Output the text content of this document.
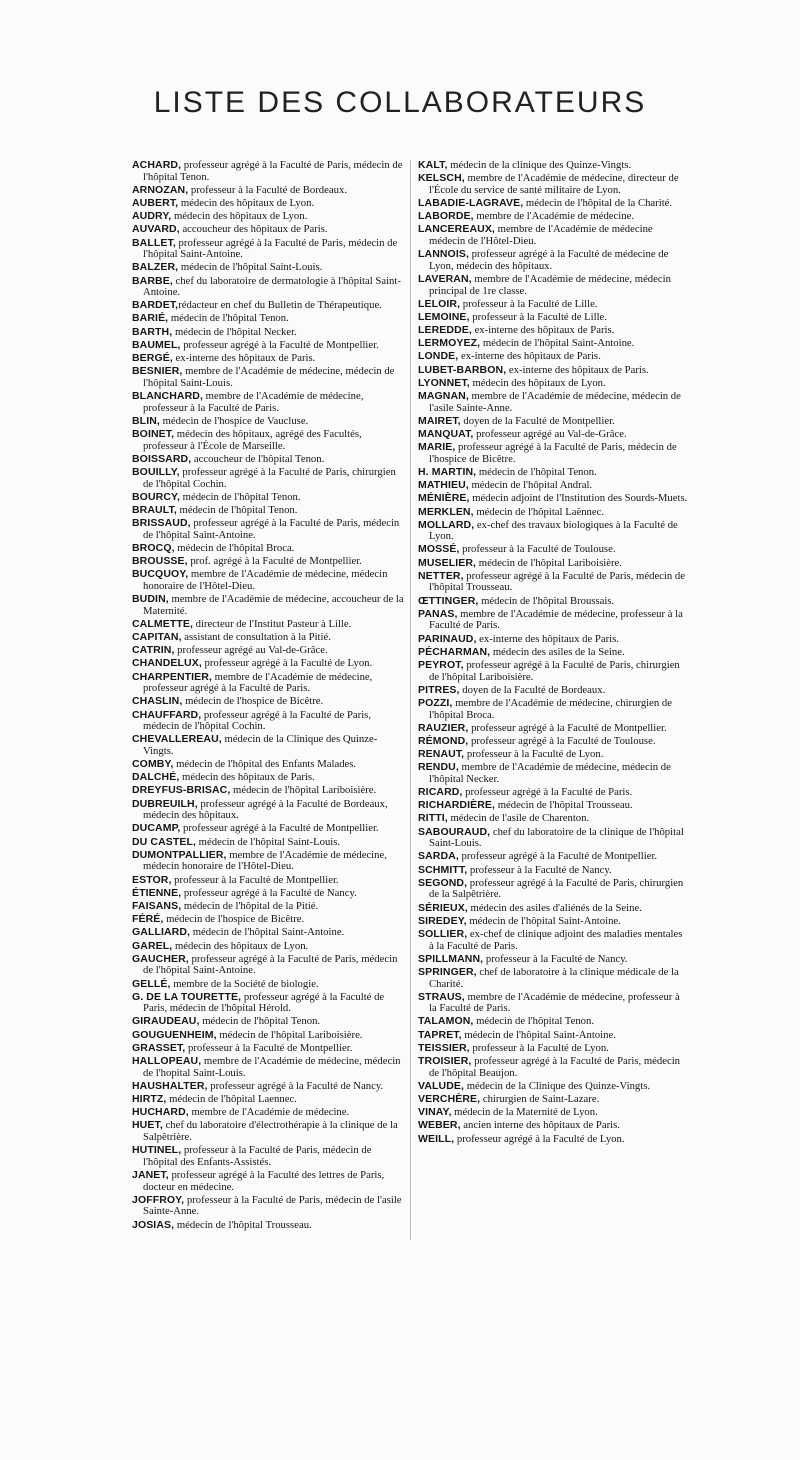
LISTE DES COLLABORATEURS
ACHARD, professeur agrégé à la Faculté de Paris, médecin de l'hôpital Tenon.
ARNOZAN, professeur à la Faculté de Bordeaux.
AUBERT, médecin des hôpitaux de Lyon.
AUDRY, médecin des hôpitaux de Lyon.
AUVARD, accoucheur des hôpitaux de Paris.
BALLET, professeur agrégé à la Faculté de Paris, médecin de l'hôpital Saint-Antoine.
BALZER, médecin de l'hôpital Saint-Louis.
BARBE, chef du laboratoire de dermatologie à l'hôpital Saint-Antoine.
BARDET,rédacteur en chef du Bulletin de Thérapeutique.
BARIÉ, médecin de l'hôpital Tenon.
BARTH, médecin de l'hôpital Necker.
BAUMEL, professeur agrégé à la Faculté de Montpellier.
BERGÉ, ex-interne des hôpitaux de Paris.
BESNIER, membre de l'Académie de médecine, médecin de l'hôpital Saint-Louis.
BLANCHARD, membre de l'Académie de médecine, professeur à la Faculté de Paris.
BLIN, médecin de l'hospice de Vaucluse.
BOINET, médecin des hôpitaux, agrégé des Facultés, professeur à l'École de Marseille.
BOISSARD, accoucheur de l'hôpital Tenon.
BOUILLY, professeur agrégé à la Faculté de Paris, chirurgien de l'hôpital Cochin.
BOURCY, médecin de l'hôpital Tenon.
BRAULT, médecin de l'hôpital Tenon.
BRISSAUD, professeur agrégé à la Faculté de Paris, médecin de l'hôpital Saint-Antoine.
BROCQ, médecin de l'hôpital Broca.
BROUSSE, prof. agrégé à la Faculté de Montpellier.
BUCQUOY, membre de l'Académie de médecine, médecin honoraire de l'Hôtel-Dieu.
BUDIN, membre de l'Académie de médecine, accoucheur de la Maternité.
CALMETTE, directeur de l'Institut Pasteur à Lille.
CAPITAN, assistant de consultation à la Pitié.
CATRIN, professeur agrégé au Val-de-Grâce.
CHANDELUX, professeur agrégé à la Faculté de Lyon.
CHARPENTIER, membre de l'Académie de médecine, professeur agrégé à la Faculté de Paris.
CHASLIN, médecin de l'hospice de Bicêtre.
CHAUFFARD, professeur agrégé à la Faculté de Paris, médecin de l'hôpital Cochin.
CHEVALLEREAU, médecin de la Clinique des Quinze-Vingts.
COMBY, médecin de l'hôpital des Enfants Malades.
DALCHÉ, médecin des hôpitaux de Paris.
DREYFUS-BRISAC, médecin de l'hôpital Lariboisière.
DUBREUILH, professeur agrégé à la Faculté de Bordeaux, médecin des hôpitaux.
DUCAMP, professeur agrégé à la Faculté de Montpellier.
DU CASTEL, médecin de l'hôpital Saint-Louis.
DUMONTPALLIER, membre de l'Académie de médecine, médecin honoraire de l'Hôtel-Dieu.
ESTOR, professeur à la Faculté de Montpellier.
ÉTIENNE, professeur agrégé à la Faculté de Nancy.
FAISANS, médecin de l'hôpital de la Pitié.
FÉRÉ, médecin de l'hospice de Bicêtre.
GALLIARD, médecin de l'hôpital Saint-Antoine.
GAREL, médecin des hôpitaux de Lyon.
GAUCHER, professeur agrégé à la Faculté de Paris, médecin de l'hôpital Saint-Antoine.
GELLÉ, membre de la Société de biologie.
G. DE LA TOURETTE, professeur agrégé à la Faculté de Paris, médecin de l'hôpital Hérold.
GIRAUDEAU, médecin de l'hôpital Tenon.
GOUGUENHEIM, médecin de l'hôpital Lariboisière.
GRASSET, professeur à la Faculté de Montpellier.
HALLOPEAU, membre de l'Académie de médecine, médecin de l'hopital Saint-Louis.
HAUSHALTER, professeur agrégé à la Faculté de Nancy.
HIRTZ, médecin de l'hôpital Laennec.
HUCHARD, membre de l'Académie de médecine.
HUET, chef du laboratoire d'électrothérapie à la clinique de la Salpêtrière.
HUTINEL, professeur à la Faculté de Paris, médecin de l'hôpital des Enfants-Assistés.
JANET, professeur agrégé à la Faculté des lettres de Paris, docteur en médecine.
JOFFROY, professeur à la Faculté de Paris, médecin de l'asile Sainte-Anne.
JOSIAS, médecin de l'hôpital Trousseau.
KALT, médecin de la clinique des Quinze-Vingts.
KELSCH, membre de l'Académie de médecine, directeur de l'École du service de santé militaire de Lyon.
LABADIE-LAGRAVE, médecin de l'hôpital de la Charité.
LABORDE, membre de l'Académie de médecine.
LANCEREAUX, membre de l'Académie de médecine médecin de l'Hôtel-Dieu.
LANNOIS, professeur agrégé à la Faculté de médecine de Lyon, médecin des hôpitaux.
LAVERAN, membre de l'Académie de médecine, médecin principal de 1re classe.
LELOIR, professeur à la Faculté de Lille.
LEMOINE, professeur à la Faculté de Lille.
LEREDDE, ex-interne des hôpitaux de Paris.
LERMOYEZ, médecin de l'hôpital Saint-Antoine.
LONDE, ex-interne des hôpitaux de Paris.
LUBET-BARBON, ex-interne des hôpitaux de Paris.
LYONNET, médecin des hôpitaux de Lyon.
MAGNAN, membre de l'Académie de médecine, médecin de l'asile Sainte-Anne.
MAIRET, doyen de la Faculté de Montpellier.
MANQUAT, professeur agrégé au Val-de-Grâce.
MARIE, professeur agrégé à la Faculté de Paris, médecin de l'hospice de Bicêtre.
H. MARTIN, médecin de l'hôpital Tenon.
MATHIEU, médecin de l'hôpital Andral.
MÉNIÈRE, médecin adjoint de l'Institution des Sourds-Muets.
MERKLEN, médecin de l'hôpital Laënnec.
MOLLARD, ex-chef des travaux biologiques à la Faculté de Lyon.
MOSSÉ, professeur à la Faculté de Toulouse.
MUSELIER, médecin de l'hôpital Lariboisière.
NETTER, professeur agrégé à la Faculté de Paris, médecin de l'hôpital Trousseau.
ŒTTINGER, médecin de l'hôpital Broussais.
PANAS, membre de l'Académie de médecine, professeur à la Faculté de Paris.
PARINAUD, ex-interne des hôpitaux de Paris.
PÉCHARMAN, médecin des asiles de la Seine.
PEYROT, professeur agrégé à la Faculté de Paris, chirurgien de l'hôpital Lariboisière.
PITRES, doyen de la Faculté de Bordeaux.
POZZI, membre de l'Académie de médecine, chirurgien de l'hôpital Broca.
RAUZIER, professeur agrégé à la Faculté de Montpellier.
RÉMOND, professeur agrégé à la Faculté de Toulouse.
RENAUT, professeur à la Faculté de Lyon.
RENDU, membre de l'Académie de médecine, médecin de l'hôpital Necker.
RICARD, professeur agrégé à la Faculté de Paris.
RICHARDIÈRE, médecin de l'hôpital Trousseau.
RITTI, médecin de l'asile de Charenton.
SABOURAUD, chef du laboratoire de la clinique de l'hôpital Saint-Louis.
SARDA, professeur agrégé à la Faculté de Montpellier.
SCHMITT, professeur à la Faculté de Nancy.
SEGOND, professeur agrégé à la Faculté de Paris, chirurgien de la Salpêtrière.
SÉRIEUX, médecin des asiles d'aliénés de la Seine.
SIREDEY, médecin de l'hôpital Saint-Antoine.
SOLLIER, ex-chef de clinique adjoint des maladies mentales à la Faculté de Paris.
SPILLMANN, professeur à la Faculté de Nancy.
SPRINGER, chef de laboratoire à la clinique médicale de la Charité.
STRAUS, membre de l'Académie de médecine, professeur à la Faculté de Paris.
TALAMON, médecin de l'hôpital Tenon.
TAPRET, médecin de l'hôpital Saint-Antoine.
TEISSIER, professeur à la Faculté de Lyon.
TROISIER, professeur agrégé à la Faculté de Paris, médecin de l'hôpital Beaujon.
VALUDE, médecin de la Clinique des Quinze-Vingts.
VERCHÈRE, chirurgien de Saint-Lazare.
VINAY, médecin de la Maternité de Lyon.
WEBER, ancien interne des hôpitaux de Paris.
WEILL, professeur agrégé à la Faculté de Lyon.
